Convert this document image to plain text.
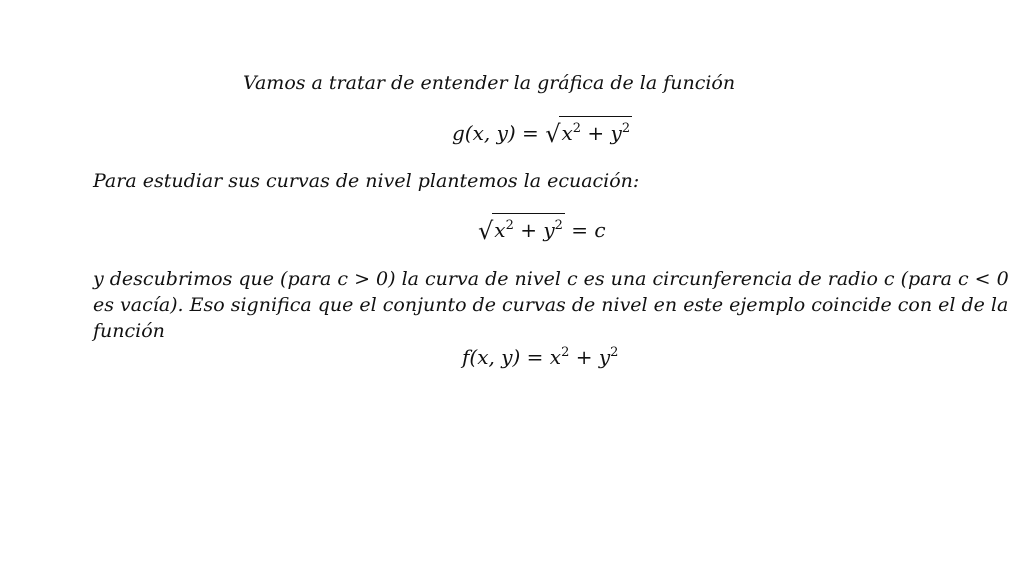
Vamos a tratar de entender la gráfica de la función
g(x, $y) = √x^2 + y^2$
Para estudiar sus curvas de nivel plantemos la ecuación:
$√x^2 + y^2 = c$
y descubrimos que (para c > 0) la curva de nivel c es una circunferencia de radio c (para c < 0
es vacía). Eso significa que el conjunto de curvas de nivel en este ejemplo coincide con el de la
función
f(x, $y) = x^2 + y^2$
